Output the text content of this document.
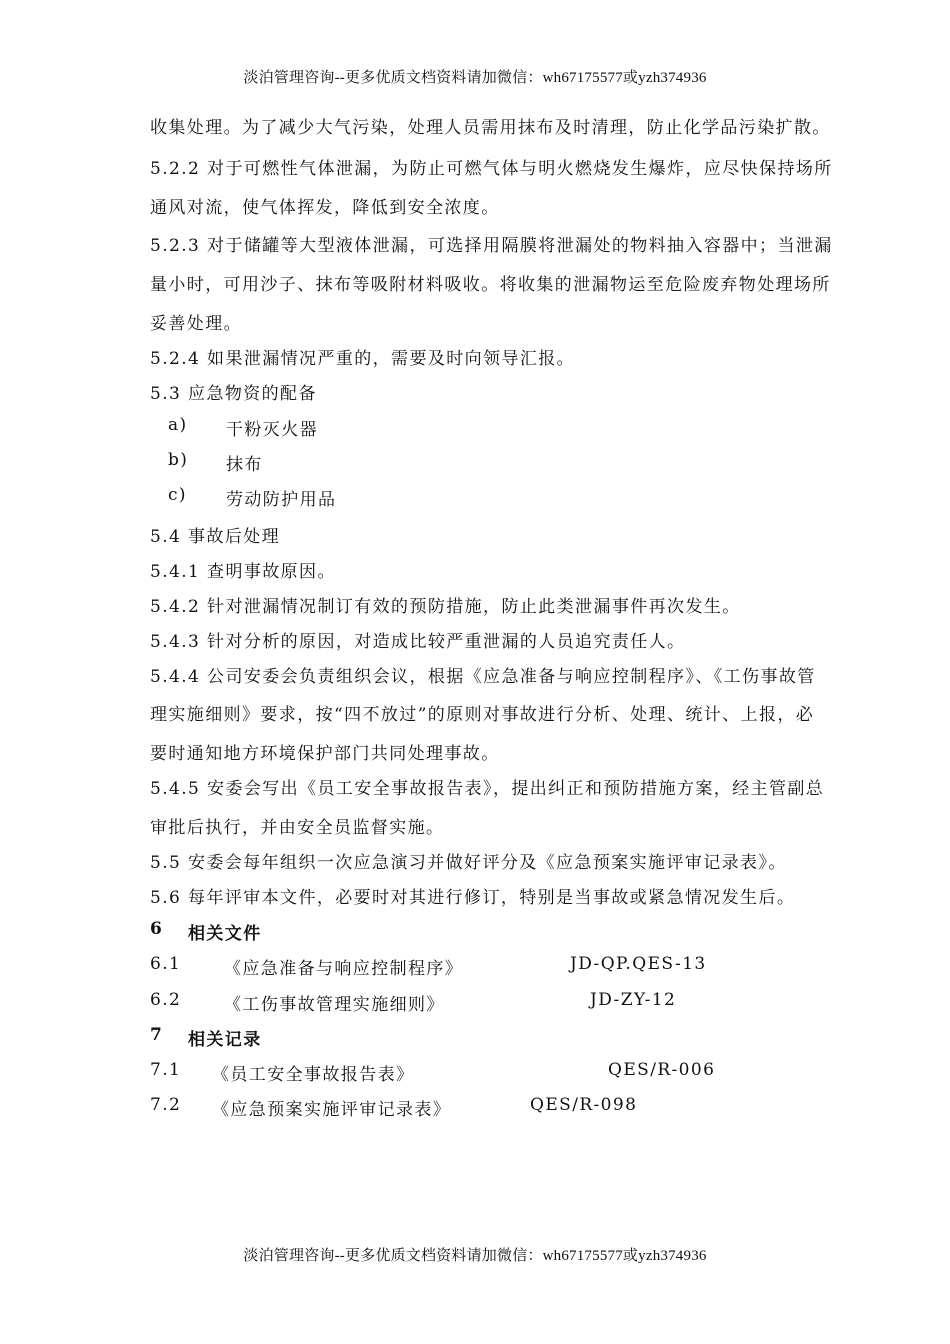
淡泊管理咨询--更多优质文档资料请加微信：wh67175577或yzh374936
收集处理。为了减少大气污染，处理人员需用抹布及时清理，防止化学品污染扩散。
5.2.2 对于可燃性气体泄漏，为防止可燃气体与明火燃烧发生爆炸，应尽快保持场所
通风对流，使气体挥发，降低到安全浓度。
5.2.3 对于储罐等大型液体泄漏，可选择用隔膜将泄漏处的物料抽入容器中；当泄漏
量小时，可用沙子、抹布等吸附材料吸收。将收集的泄漏物运至危险废弃物处理场所
妥善处理。
5.2.4 如果泄漏情况严重的，需要及时向领导汇报。
5.3 应急物资的配备
a) 干粉灭火器
b) 抹布
c) 劳动防护用品
5.4 事故后处理
5.4.1 查明事故原因。
5.4.2 针对泄漏情况制订有效的预防措施，防止此类泄漏事件再次发生。
5.4.3 针对分析的原因，对造成比较严重泄漏的人员追究责任人。
5.4.4 公司安委会负责组织会议，根据《应急准备与响应控制程序》、《工伤事故管
理实施细则》要求，按“四不放过”的原则对事故进行分析、处理、统计、上报，必
要时通知地方环境保护部门共同处理事故。
5.4.5 安委会写出《员工安全事故报告表》，提出纠正和预防措施方案，经主管副总
审批后执行，并由安全员监督实施。
5.5 安委会每年组织一次应急演习并做好评分及《应急预案实施评审记录表》。
5.6 每年评审本文件，必要时对其进行修订，特别是当事故或紧急情况发生后。
6 相关文件
6.1	《应急准备与响应控制程序》	JD-QP.QES-13
6.2	《工伤事故管理实施细则》	JD-ZY-12
7 相关记录
7.1 《员工安全事故报告表》	QES/R-006
7.2 《应急预案实施评审记录表》	QES/R-098
淡泊管理咨询--更多优质文档资料请加微信：wh67175577或yzh374936
